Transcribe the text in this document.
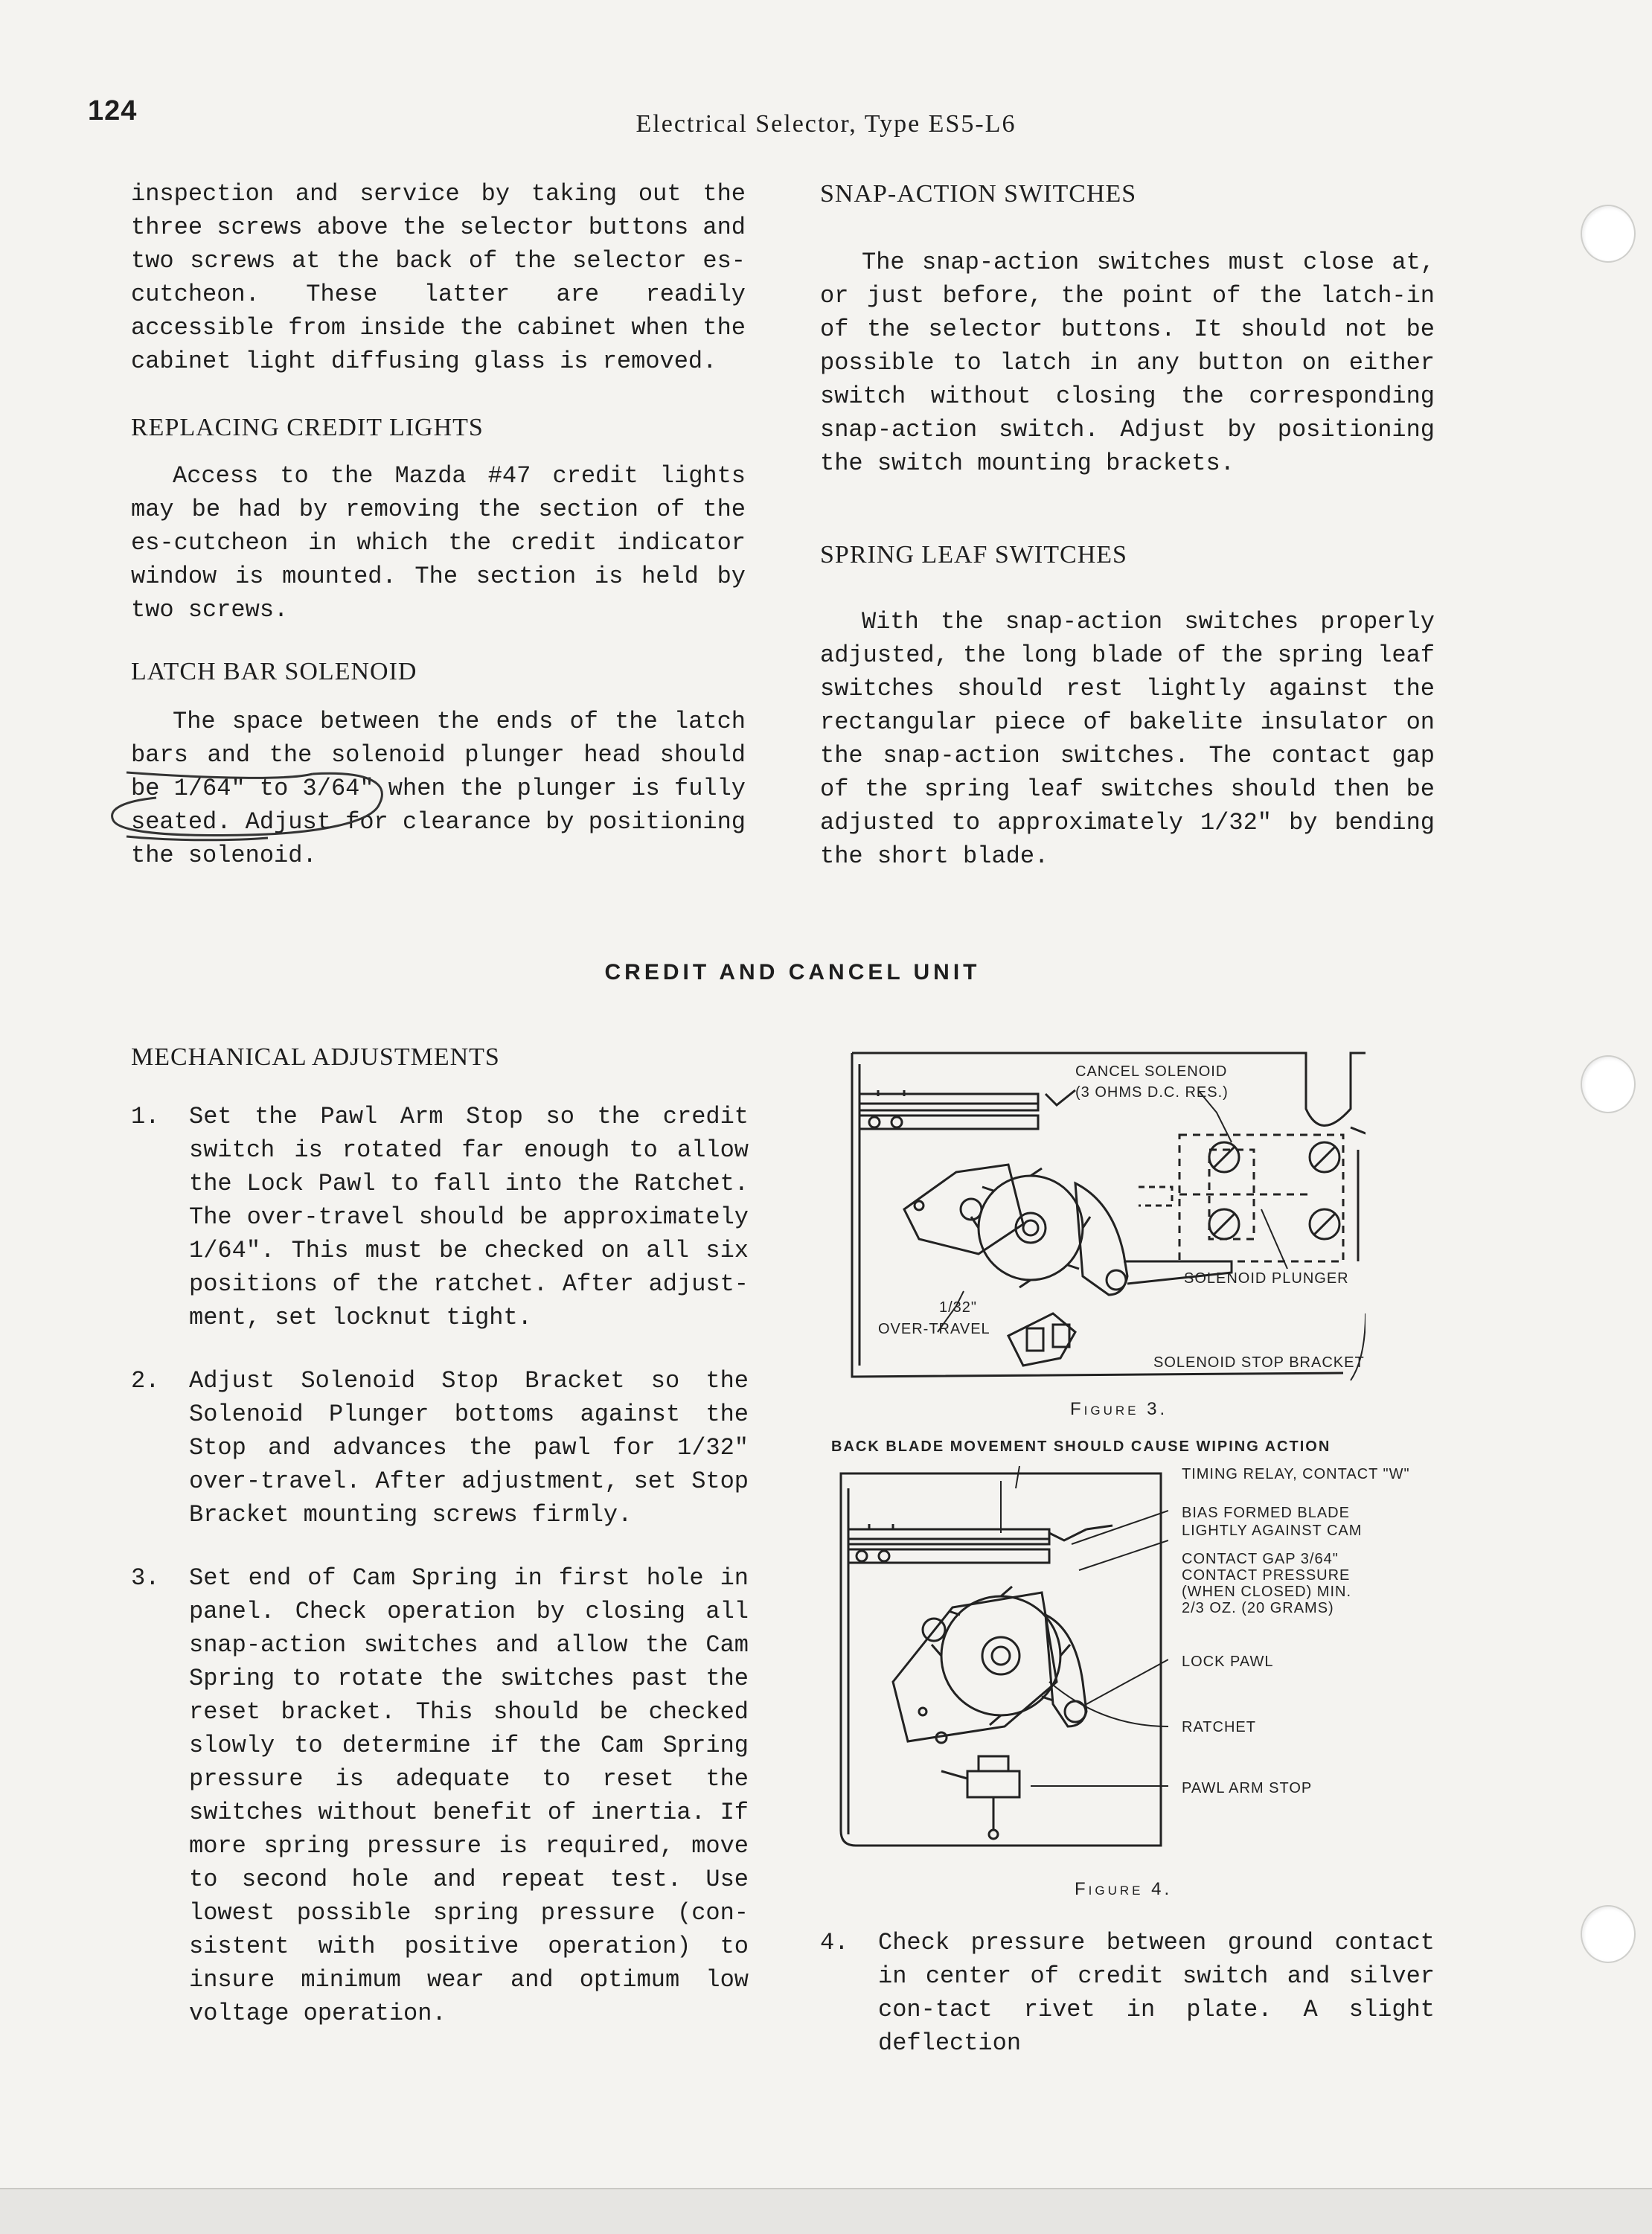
124	Electrical Selector, Type ES5-L6

inspection and service by taking out the three screws above the selector buttons and two screws at the back of the selector es-cutcheon. These latter are readily accessible from inside the cabinet when the cabinet light diffusing glass is removed.

REPLACING CREDIT LIGHTS

Access to the Mazda #47 credit lights may be had by removing the section of the es-cutcheon in which the credit indicator window is mounted. The section is held by two screws.

LATCH BAR SOLENOID

The space between the ends of the latch bars and the solenoid plunger head should be 1/64" to 3/64" when the plunger is fully seated. Adjust for clearance by positioning the solenoid.

SNAP-ACTION SWITCHES

The snap-action switches must close at, or just before, the point of the latch-in of the selector buttons. It should not be possible to latch in any button on either switch without closing the corresponding snap-action switch. Adjust by positioning the switch mounting brackets.

SPRING LEAF SWITCHES

With the snap-action switches properly adjusted, the long blade of the spring leaf switches should rest lightly against the rectangular piece of bakelite insulator on the snap-action switches. The contact gap of the spring leaf switches should then be adjusted to approximately 1/32" by bending the short blade.

CREDIT AND CANCEL UNIT

MECHANICAL ADJUSTMENTS

1. Set the Pawl Arm Stop so the credit switch is rotated far enough to allow the Lock Pawl to fall into the Ratchet. The over-travel should be approximately 1/64". This must be checked on all six positions of the ratchet. After adjust-ment, set locknut tight.

2. Adjust Solenoid Stop Bracket so the Solenoid Plunger bottoms against the Stop and advances the pawl for 1/32" over-travel. After adjustment, set Stop Bracket mounting screws firmly.

3. Set end of Cam Spring in first hole in panel. Check operation by closing all snap-action switches and allow the Cam Spring to rotate the switches past the reset bracket. This should be checked slowly to determine if the Cam Spring pressure is adequate to reset the switches without benefit of inertia. If more spring pressure is required, move to second hole and repeat test. Use lowest possible spring pressure (con-sistent with positive operation) to insure minimum wear and optimum low voltage operation.

4. Check pressure between ground contact in center of credit switch and silver con-tact rivet in plate. A slight deflection

CANCEL SOLENOID
(3 OHMS D.C. RES.)
SOLENOID PLUNGER
1/32"
OVER-TRAVEL
SOLENOID STOP BRACKET
Figure 3.
BACK BLADE MOVEMENT SHOULD CAUSE WIPING ACTION
TIMING RELAY, CONTACT "W"
BIAS FORMED BLADE
LIGHTLY AGAINST CAM
CONTACT GAP 3/64"
CONTACT PRESSURE
(WHEN CLOSED) MIN.
2/3 OZ. (20 GRAMS)
LOCK PAWL
RATCHET
PAWL ARM STOP
Figure 4.
